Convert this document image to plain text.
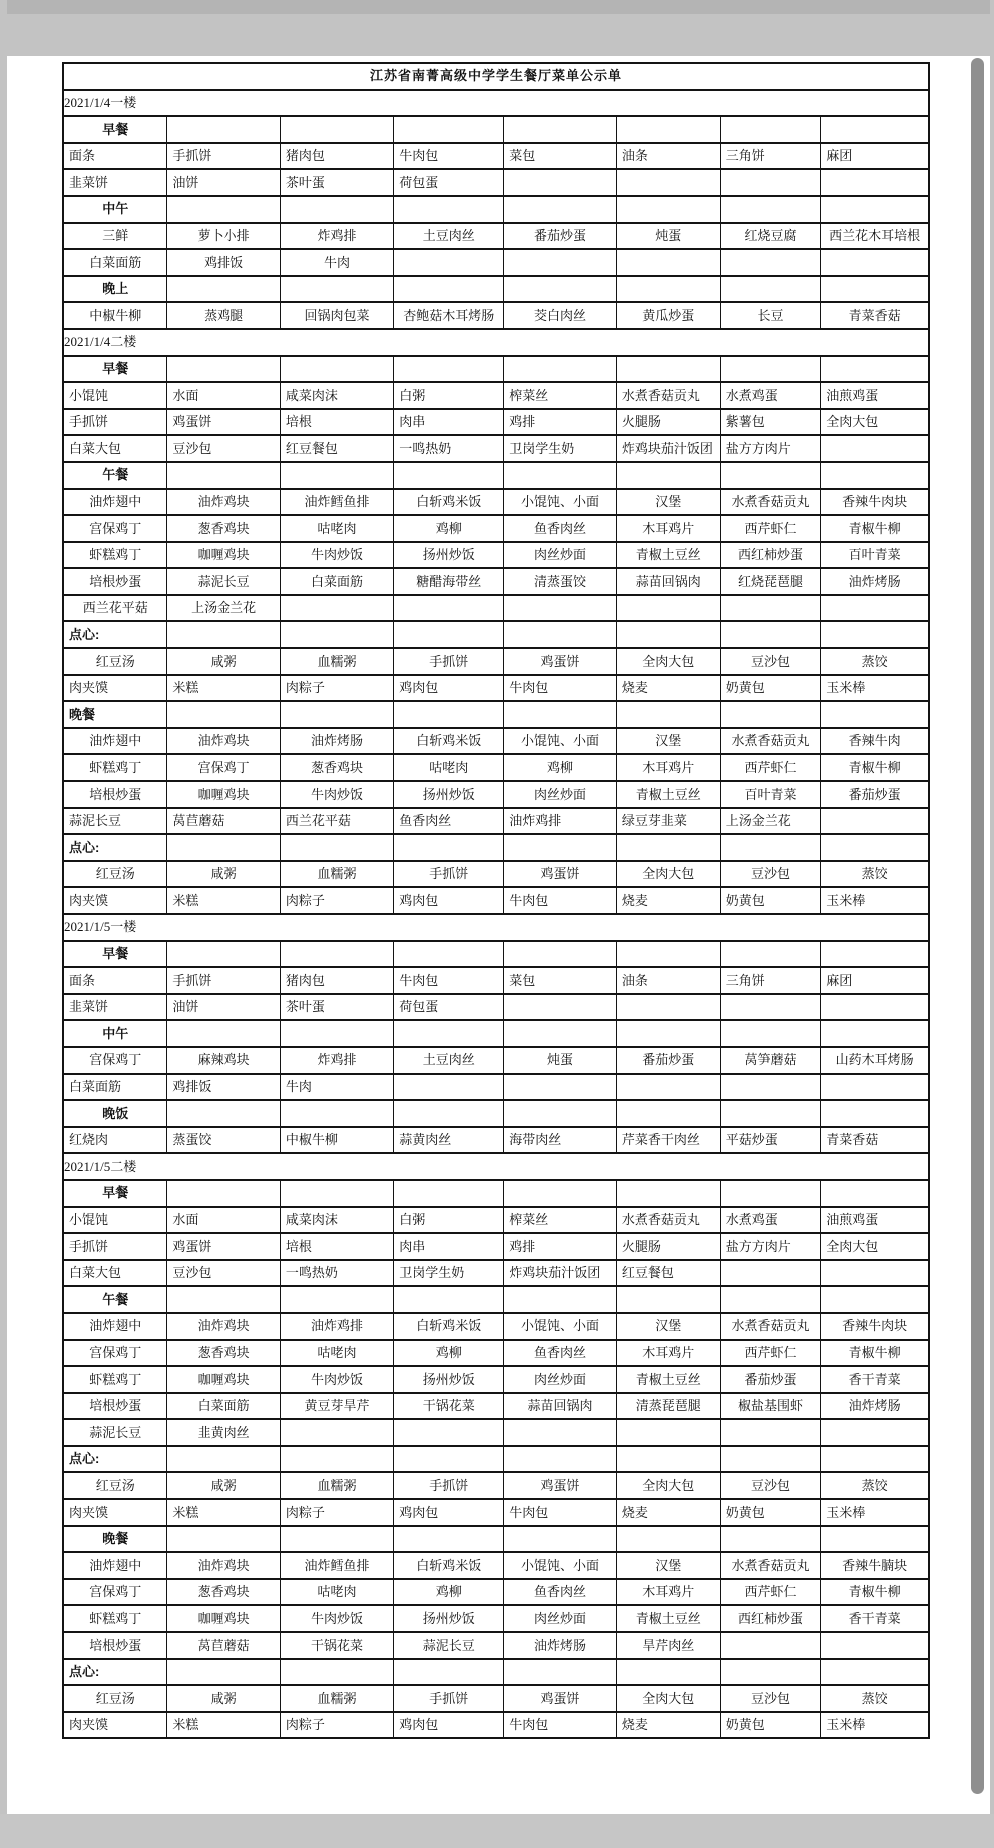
江苏省南菁高级中学学生餐厅菜单公示单							
2021/1/4一楼							
早餐							
面条	手抓饼	猪肉包	牛肉包	菜包	油条	三角饼	麻团
韭菜饼	油饼	茶叶蛋	荷包蛋				
中午							
三鲜	萝卜小排	炸鸡排	土豆肉丝	番茄炒蛋	炖蛋	红烧豆腐	西兰花木耳培根
白菜面筋	鸡排饭	牛肉					
晚上							
中椒牛柳	蒸鸡腿	回锅肉包菜	杏鲍菇木耳烤肠	茭白肉丝	黄瓜炒蛋	长豆	青菜香菇
2021/1/4二楼							
早餐							
小馄饨	水面	咸菜肉沫	白粥	榨菜丝	水煮香菇贡丸	水煮鸡蛋	油煎鸡蛋
手抓饼	鸡蛋饼	培根	肉串	鸡排	火腿肠	紫薯包	全肉大包
白菜大包	豆沙包	红豆餐包	一鸣热奶	卫岗学生奶	炸鸡块茄汁饭团	盐方方肉片	
午餐							
油炸翅中	油炸鸡块	油炸鳕鱼排	白斩鸡米饭	小馄饨、小面	汉堡	水煮香菇贡丸	香辣牛肉块
宫保鸡丁	葱香鸡块	咕咾肉	鸡柳	鱼香肉丝	木耳鸡片	西芹虾仁	青椒牛柳
虾糕鸡丁	咖喱鸡块	牛肉炒饭	扬州炒饭	肉丝炒面	青椒土豆丝	西红柿炒蛋	百叶青菜
培根炒蛋	蒜泥长豆	白菜面筋	糖醋海带丝	清蒸蛋饺	蒜苗回锅肉	红烧琵琶腿	油炸烤肠
西兰花平菇	上汤金兰花						
点心:							
红豆汤	咸粥	血糯粥	手抓饼	鸡蛋饼	全肉大包	豆沙包	蒸饺
肉夹馍	米糕	肉粽子	鸡肉包	牛肉包	烧麦	奶黄包	玉米棒
晚餐							
油炸翅中	油炸鸡块	油炸烤肠	白斩鸡米饭	小馄饨、小面	汉堡	水煮香菇贡丸	香辣牛肉
虾糕鸡丁	宫保鸡丁	葱香鸡块	咕咾肉	鸡柳	木耳鸡片	西芹虾仁	青椒牛柳
培根炒蛋	咖喱鸡块	牛肉炒饭	扬州炒饭	肉丝炒面	青椒土豆丝	百叶青菜	番茄炒蛋
蒜泥长豆	莴苣蘑菇	西兰花平菇	鱼香肉丝	油炸鸡排	绿豆芽韭菜	上汤金兰花	
点心:							
红豆汤	咸粥	血糯粥	手抓饼	鸡蛋饼	全肉大包	豆沙包	蒸饺
肉夹馍	米糕	肉粽子	鸡肉包	牛肉包	烧麦	奶黄包	玉米棒
2021/1/5一楼							
早餐							
面条	手抓饼	猪肉包	牛肉包	菜包	油条	三角饼	麻团
韭菜饼	油饼	茶叶蛋	荷包蛋				
中午							
宫保鸡丁	麻辣鸡块	炸鸡排	土豆肉丝	炖蛋	番茄炒蛋	莴笋蘑菇	山药木耳烤肠
白菜面筋	鸡排饭	牛肉					
晚饭							
红烧肉	蒸蛋饺	中椒牛柳	蒜黄肉丝	海带肉丝	芹菜香干肉丝	平菇炒蛋	青菜香菇
2021/1/5二楼							
早餐							
小馄饨	水面	咸菜肉沫	白粥	榨菜丝	水煮香菇贡丸	水煮鸡蛋	油煎鸡蛋
手抓饼	鸡蛋饼	培根	肉串	鸡排	火腿肠	盐方方肉片	全肉大包
白菜大包	豆沙包	一鸣热奶	卫岗学生奶	炸鸡块茄汁饭团	红豆餐包		
午餐							
油炸翅中	油炸鸡块	油炸鸡排	白斩鸡米饭	小馄饨、小面	汉堡	水煮香菇贡丸	香辣牛肉块
宫保鸡丁	葱香鸡块	咕咾肉	鸡柳	鱼香肉丝	木耳鸡片	西芹虾仁	青椒牛柳
虾糕鸡丁	咖喱鸡块	牛肉炒饭	扬州炒饭	肉丝炒面	青椒土豆丝	番茄炒蛋	香干青菜
培根炒蛋	白菜面筋	黄豆芽旱芹	干锅花菜	蒜苗回锅肉	清蒸琵琶腿	椒盐基围虾	油炸烤肠
蒜泥长豆	韭黄肉丝						
点心:							
红豆汤	咸粥	血糯粥	手抓饼	鸡蛋饼	全肉大包	豆沙包	蒸饺
肉夹馍	米糕	肉粽子	鸡肉包	牛肉包	烧麦	奶黄包	玉米棒
晚餐							
油炸翅中	油炸鸡块	油炸鳕鱼排	白斩鸡米饭	小馄饨、小面	汉堡	水煮香菇贡丸	香辣牛腩块
宫保鸡丁	葱香鸡块	咕咾肉	鸡柳	鱼香肉丝	木耳鸡片	西芹虾仁	青椒牛柳
虾糕鸡丁	咖喱鸡块	牛肉炒饭	扬州炒饭	肉丝炒面	青椒土豆丝	西红柿炒蛋	香干青菜
培根炒蛋	莴苣蘑菇	干锅花菜	蒜泥长豆	油炸烤肠	旱芹肉丝		
点心:							
红豆汤	咸粥	血糯粥	手抓饼	鸡蛋饼	全肉大包	豆沙包	蒸饺
肉夹馍	米糕	肉粽子	鸡肉包	牛肉包	烧麦	奶黄包	玉米棒
